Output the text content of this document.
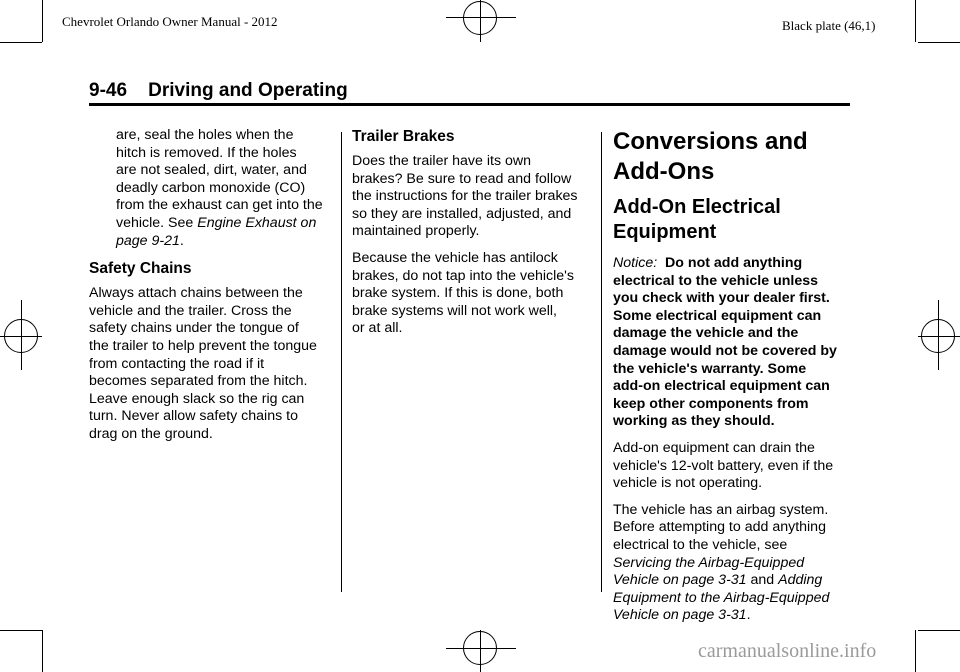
Chevrolet Orlando Owner Manual - 2012	Black plate (46,1)
9-46 Driving and Operating

are, seal the holes when the
hitch is removed. If the holes
are not sealed, dirt, water, and
deadly carbon monoxide (CO)
from the exhaust can get into the
vehicle. See Engine Exhaust on
page 9-21.

Safety Chains

Always attach chains between the
vehicle and the trailer. Cross the
safety chains under the tongue of
the trailer to help prevent the tongue
from contacting the road if it
becomes separated from the hitch.
Leave enough slack so the rig can
turn. Never allow safety chains to
drag on the ground.

Trailer Brakes

Does the trailer have its own
brakes? Be sure to read and follow
the instructions for the trailer brakes
so they are installed, adjusted, and
maintained properly.

Because the vehicle has antilock
brakes, do not tap into the vehicle's
brake system. If this is done, both
brake systems will not work well,
or at all.

Conversions and
Add-Ons
Add-On Electrical
Equipment

Notice: Do not add anything
electrical to the vehicle unless
you check with your dealer first.
Some electrical equipment can
damage the vehicle and the
damage would not be covered by
the vehicle's warranty. Some
add-on electrical equipment can
keep other components from
working as they should.

Add-on equipment can drain the
vehicle's 12-volt battery, even if the
vehicle is not operating.

The vehicle has an airbag system.
Before attempting to add anything
electrical to the vehicle, see
Servicing the Airbag-Equipped
Vehicle on page 3-31 and Adding
Equipment to the Airbag-Equipped
Vehicle on page 3-31.

carmanualsonline.info
